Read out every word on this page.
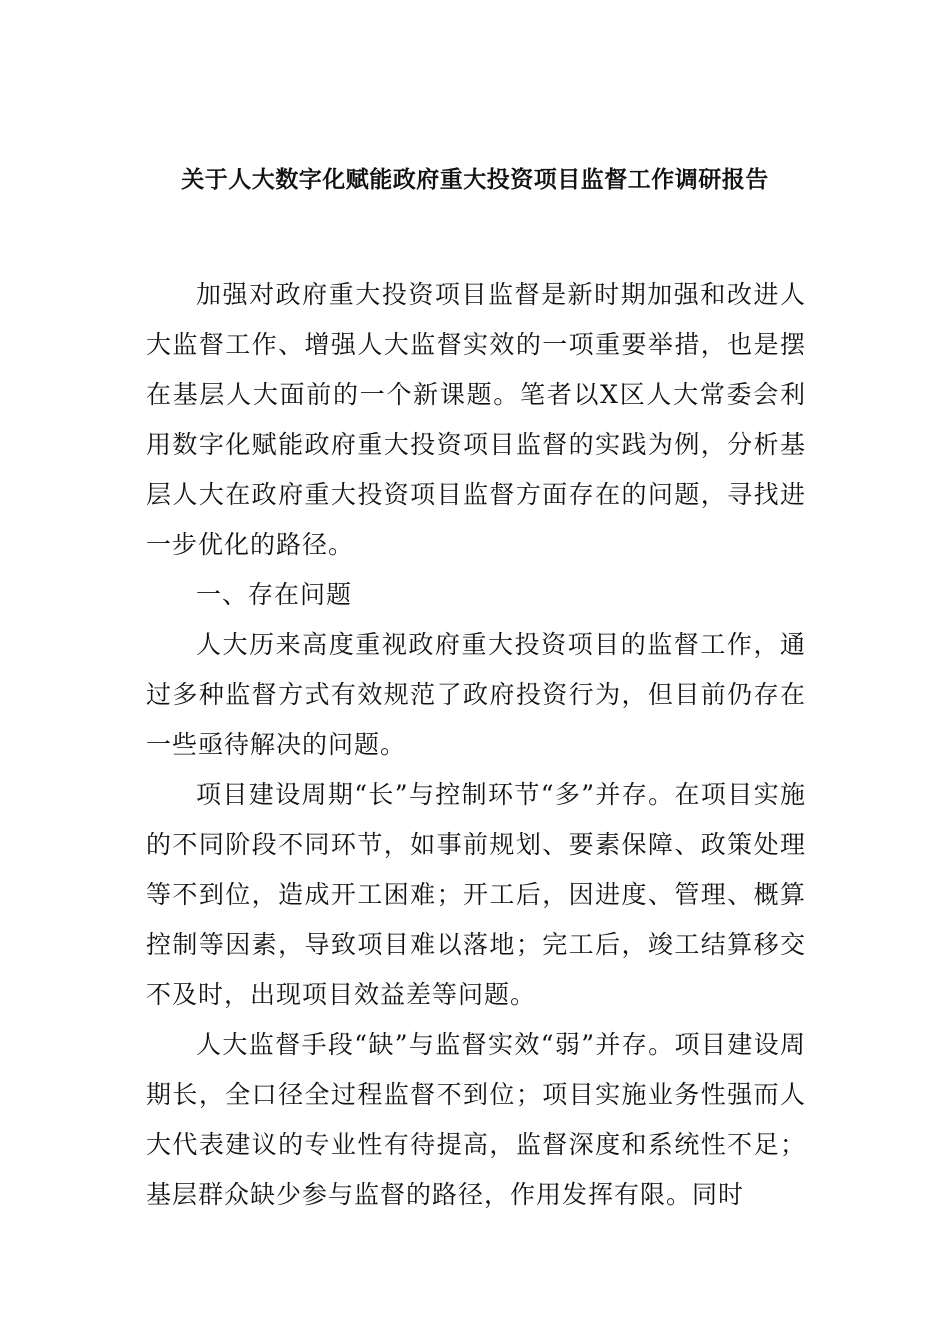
关于人大数字化赋能政府重大投资项目监督工作调研报告

加强对政府重大投资项目监督是新时期加强和改进人大监督工作、增强人大监督实效的一项重要举措，也是摆在基层人大面前的一个新课题。笔者以X区人大常委会利用数字化赋能政府重大投资项目监督的实践为例，分析基层人大在政府重大投资项目监督方面存在的问题，寻找进一步优化的路径。

一、存在问题

人大历来高度重视政府重大投资项目的监督工作，通过多种监督方式有效规范了政府投资行为，但目前仍存在一些亟待解决的问题。

项目建设周期“长”与控制环节“多”并存。在项目实施的不同阶段不同环节，如事前规划、要素保障、政策处理等不到位，造成开工困难；开工后，因进度、管理、概算控制等因素，导致项目难以落地；完工后，竣工结算移交不及时，出现项目效益差等问题。

人大监督手段“缺”与监督实效“弱”并存。项目建设周期长，全口径全过程监督不到位；项目实施业务性强而人大代表建议的专业性有待提高，监督深度和系统性不足；基层群众缺少参与监督的路径，作用发挥有限。同时
